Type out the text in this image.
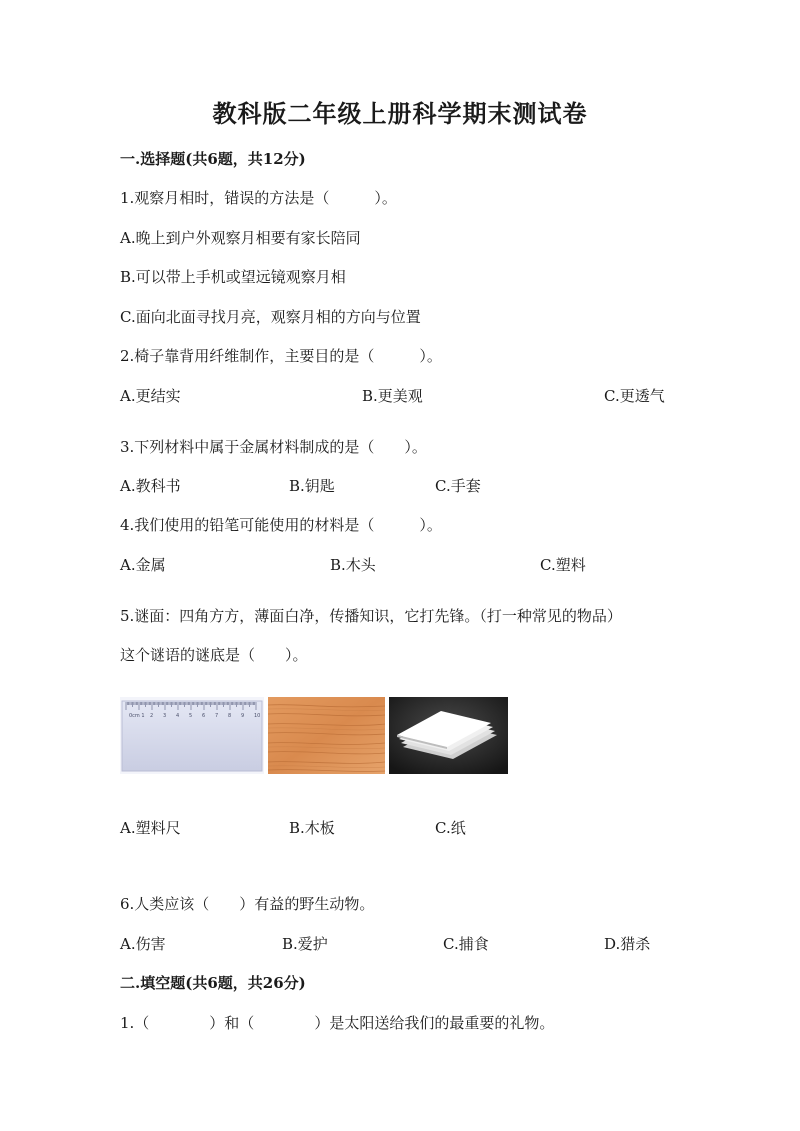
教科版二年级上册科学期末测试卷
一.选择题(共6题，共12分)
1.观察月相时，错误的方法是（　　　）。
A.晚上到户外观察月相要有家长陪同
B.可以带上手机或望远镜观察月相
C.面向北面寻找月亮，观察月相的方向与位置
2.椅子靠背用纤维制作，主要目的是（　　　）。
A.更结实	B.更美观	C.更透气
3.下列材料中属于金属材料制成的是（　　）。
A.教科书	B.钥匙	C.手套
4.我们使用的铅笔可能使用的材料是（　　　）。
A.金属	B.木头	C.塑料
5.谜面：四角方方，薄面白净，传播知识，它打先锋。（打一种常见的物品）
这个谜语的谜底是（　　）。
0cm 1 2 3 4 5 6 7 8 9 10
A.塑料尺	B.木板	C.纸
6.人类应该（　　）有益的野生动物。
A.伤害	B.爱护	C.捕食	D.猎杀
二.填空题(共6题，共26分)
1.（　　　　）和（　　　　）是太阳送给我们的最重要的礼物。
